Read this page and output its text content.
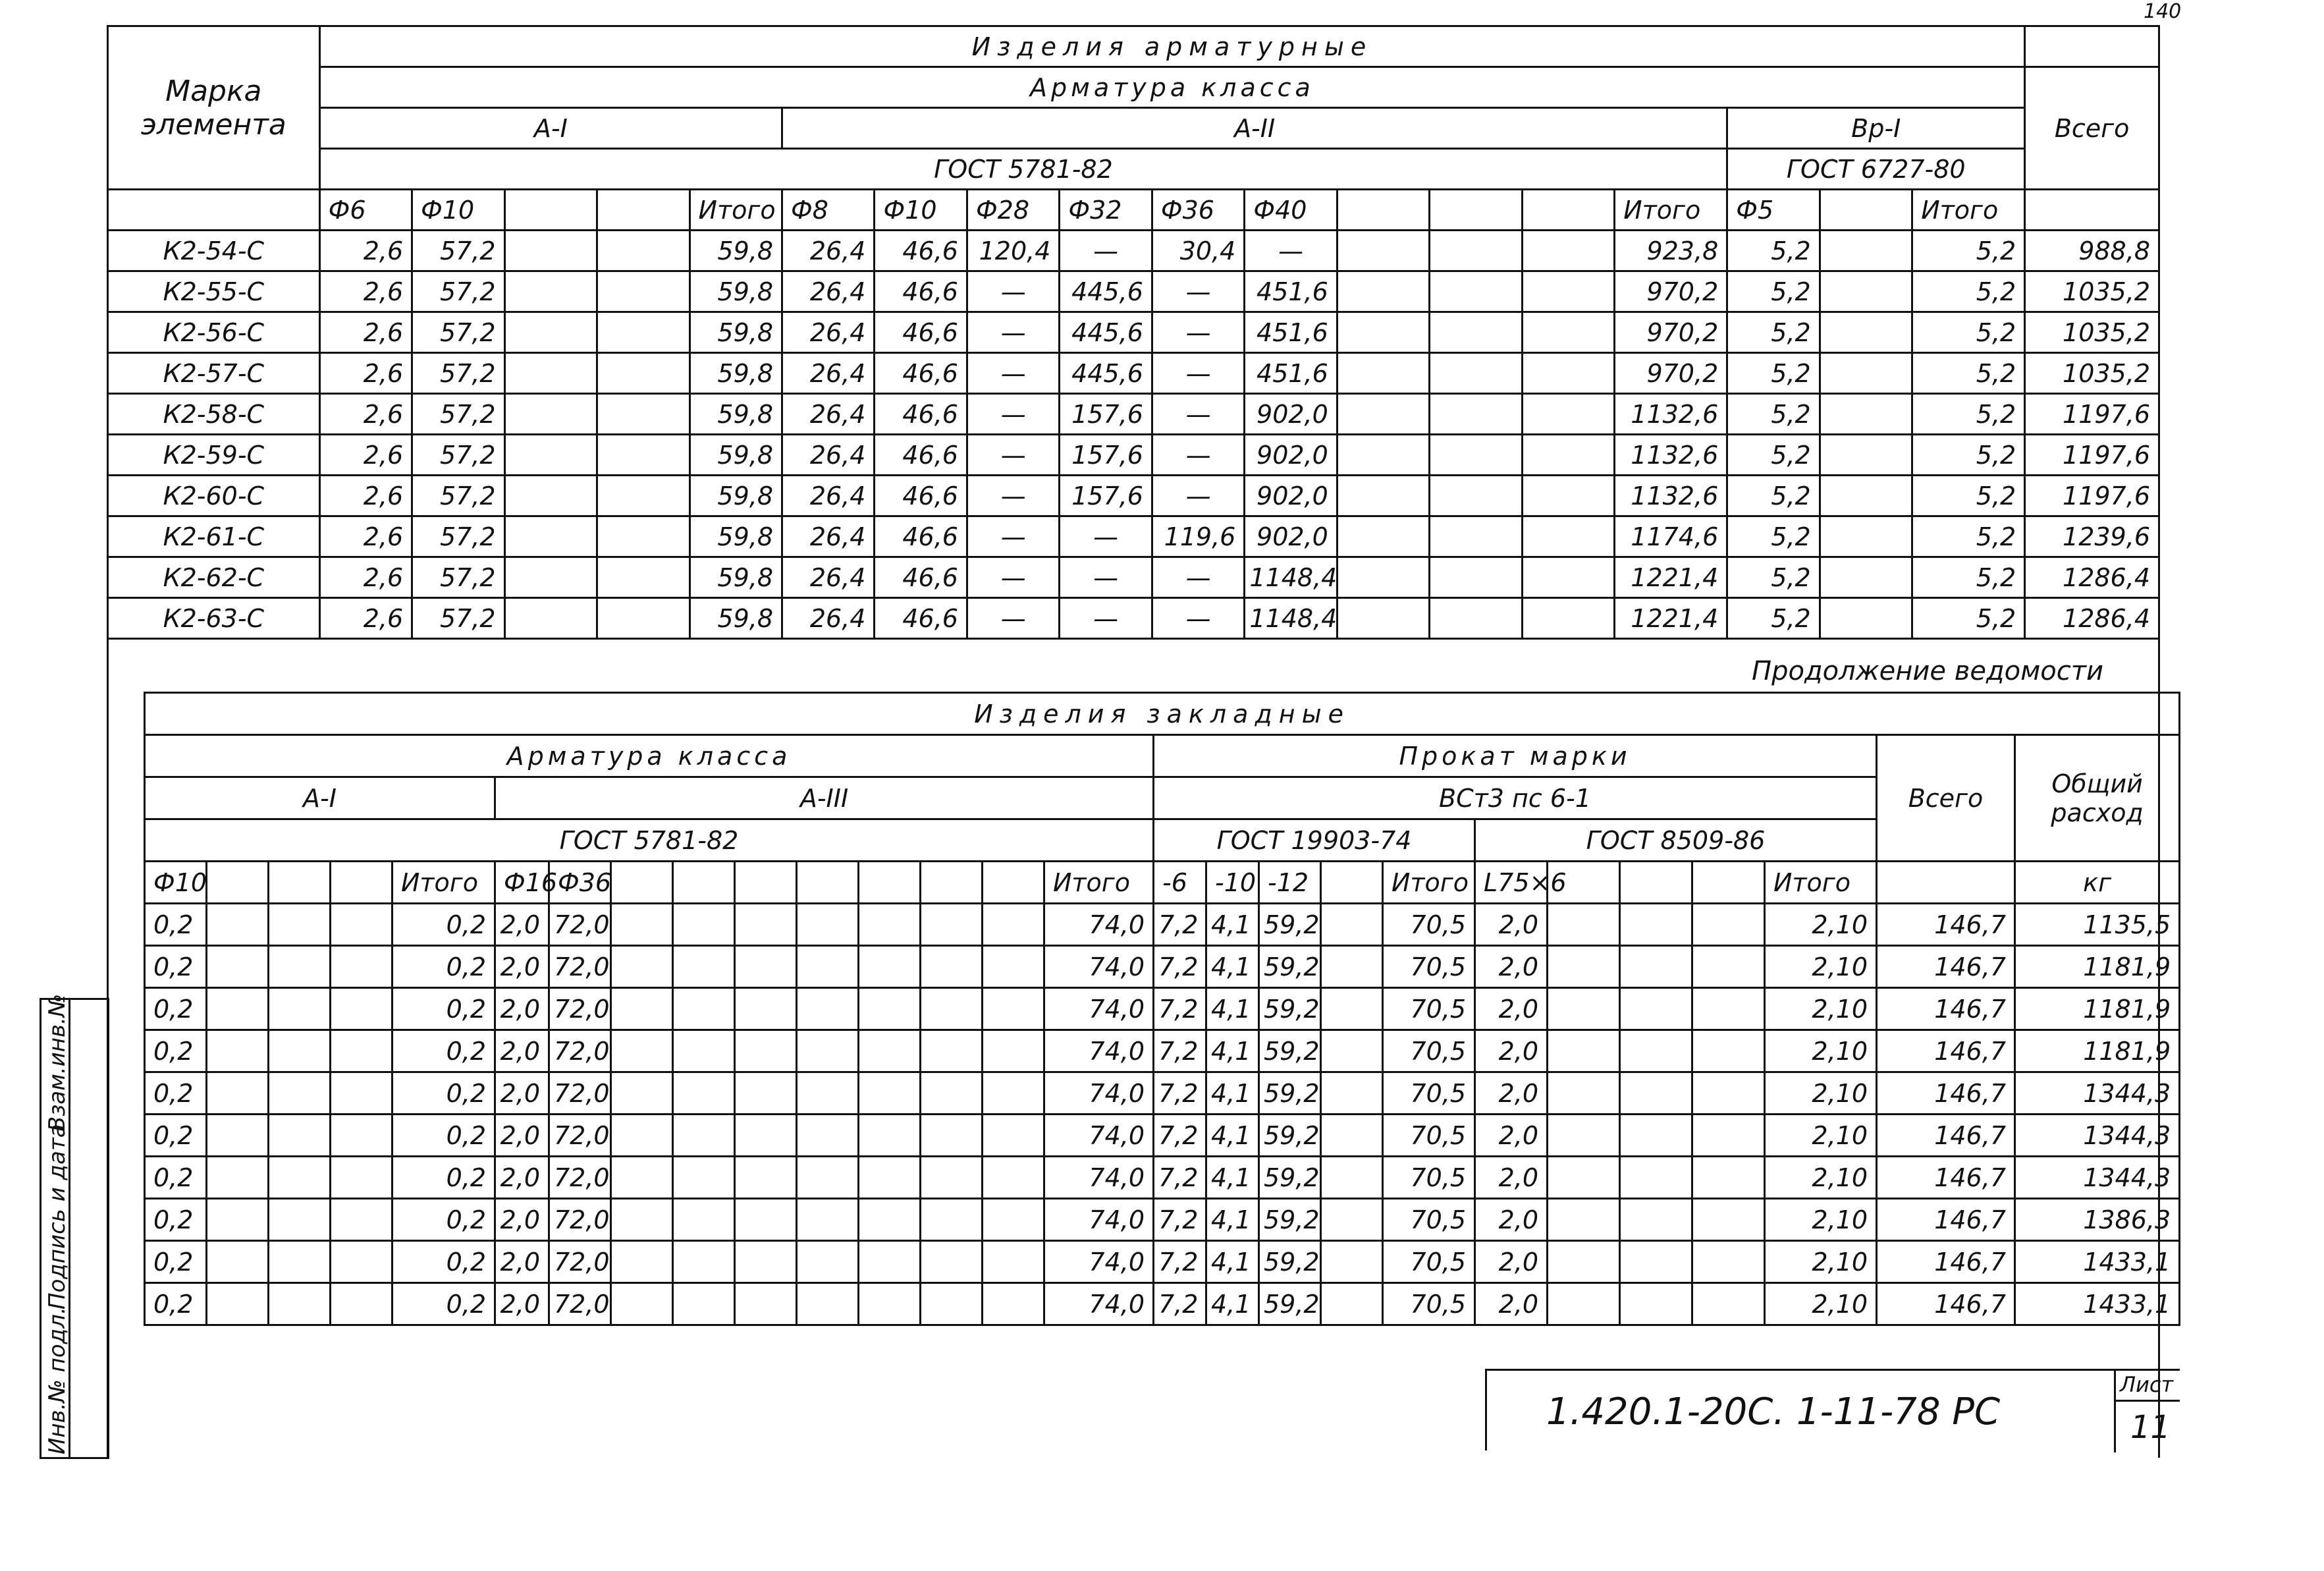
140
Марка элемента	Изделия арматурные																		
	Арматура класса																		Всего
	A-I					A-II										Вр-I			
	ГОСТ 5781-82															ГОСТ 6727-80			
	Ф6	Ф10			Итого	Ф8	Ф10	Ф28	Ф32	Ф36	Ф40				Итого	Ф5		Итого	
К2-54-С	2,6	57,2			59,8	26,4	46,6	120,4	—	30,4	—				923,8	5,2		5,2	988,8
К2-55-С	2,6	57,2			59,8	26,4	46,6	—	445,6	—	451,6				970,2	5,2		5,2	1035,2
К2-56-С	2,6	57,2			59,8	26,4	46,6	—	445,6	—	451,6				970,2	5,2		5,2	1035,2
К2-57-С	2,6	57,2			59,8	26,4	46,6	—	445,6	—	451,6				970,2	5,2		5,2	1035,2
К2-58-С	2,6	57,2			59,8	26,4	46,6	—	157,6	—	902,0				1132,6	5,2		5,2	1197,6
К2-59-С	2,6	57,2			59,8	26,4	46,6	—	157,6	—	902,0				1132,6	5,2		5,2	1197,6
К2-60-С	2,6	57,2			59,8	26,4	46,6	—	157,6	—	902,0				1132,6	5,2		5,2	1197,6
К2-61-С	2,6	57,2			59,8	26,4	46,6	—	—	119,6	902,0				1174,6	5,2		5,2	1239,6
К2-62-С	2,6	57,2			59,8	26,4	46,6	—	—	—	1148,4				1221,4	5,2		5,2	1286,4
К2-63-С	2,6	57,2			59,8	26,4	46,6	—	—	—	1148,4				1221,4	5,2		5,2	1286,4
Продолжение ведомости
Изделия закладные																										
Арматура класса															Прокат марки										Всего	Общий расход
A-I					A-III										ВСт3 пс 6-1											
ГОСТ 5781-82															ГОСТ 19903-74					ГОСТ 8509-86						
Ф10				Итого	Ф16	Ф36								Итого	-6	-10	-12		Итого	L75×6				Итого		кг
0,2				0,2	2,0	72,0								74,0	7,2	4,1	59,2		70,5	2,0				2,10	146,7	1135,5
0,2				0,2	2,0	72,0								74,0	7,2	4,1	59,2		70,5	2,0				2,10	146,7	1181,9
0,2				0,2	2,0	72,0								74,0	7,2	4,1	59,2		70,5	2,0				2,10	146,7	1181,9
0,2				0,2	2,0	72,0								74,0	7,2	4,1	59,2		70,5	2,0				2,10	146,7	1181,9
0,2				0,2	2,0	72,0								74,0	7,2	4,1	59,2		70,5	2,0				2,10	146,7	1344,3
0,2				0,2	2,0	72,0								74,0	7,2	4,1	59,2		70,5	2,0				2,10	146,7	1344,3
0,2				0,2	2,0	72,0								74,0	7,2	4,1	59,2		70,5	2,0				2,10	146,7	1344,3
0,2				0,2	2,0	72,0								74,0	7,2	4,1	59,2		70,5	2,0				2,10	146,7	1386,3
0,2				0,2	2,0	72,0								74,0	7,2	4,1	59,2		70,5	2,0				2,10	146,7	1433,1
0,2				0,2	2,0	72,0								74,0	7,2	4,1	59,2		70,5	2,0				2,10	146,7	1433,1
1.420.1-20С. 1-11-78 РС
Лист
11
Инв.№ подл.
Подпись и дата
Взам.инв.№
